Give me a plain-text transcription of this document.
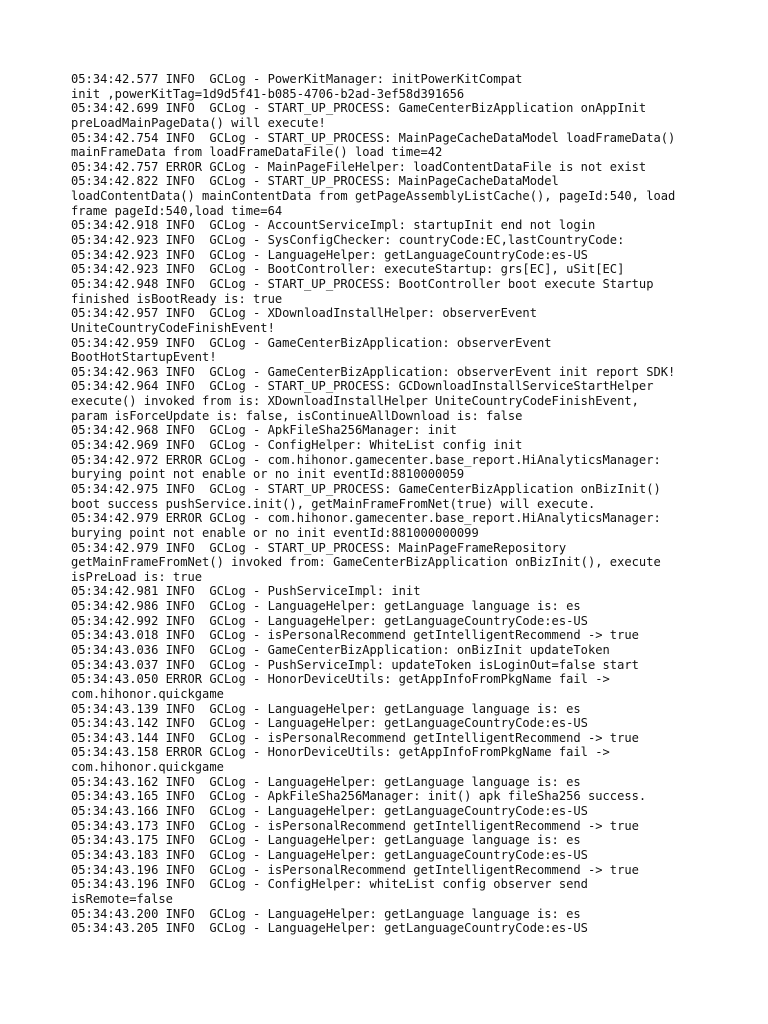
05:34:42.577 INFO  GCLog - PowerKitManager: initPowerKitCompat
init ,powerKitTag=1d9d5f41-b085-4706-b2ad-3ef58d391656
05:34:42.699 INFO  GCLog - START_UP_PROCESS: GameCenterBizApplication onAppInit
preLoadMainPageData() will execute!
05:34:42.754 INFO  GCLog - START_UP_PROCESS: MainPageCacheDataModel loadFrameData()
mainFrameData from loadFrameDataFile() load time=42
05:34:42.757 ERROR GCLog - MainPageFileHelper: loadContentDataFile is not exist
05:34:42.822 INFO  GCLog - START_UP_PROCESS: MainPageCacheDataModel
loadContentData() mainContentData from getPageAssemblyListCache(), pageId:540, load
frame pageId:540,load time=64
05:34:42.918 INFO  GCLog - AccountServiceImpl: startupInit end not login
05:34:42.923 INFO  GCLog - SysConfigChecker: countryCode:EC,lastCountryCode:
05:34:42.923 INFO  GCLog - LanguageHelper: getLanguageCountryCode:es-US
05:34:42.923 INFO  GCLog - BootController: executeStartup: grs[EC], uSit[EC]
05:34:42.948 INFO  GCLog - START_UP_PROCESS: BootController boot execute Startup
finished isBootReady is: true
05:34:42.957 INFO  GCLog - XDownloadInstallHelper: observerEvent
UniteCountryCodeFinishEvent!
05:34:42.959 INFO  GCLog - GameCenterBizApplication: observerEvent
BootHotStartupEvent!
05:34:42.963 INFO  GCLog - GameCenterBizApplication: observerEvent init report SDK!
05:34:42.964 INFO  GCLog - START_UP_PROCESS: GCDownloadInstallServiceStartHelper
execute() invoked from is: XDownloadInstallHelper UniteCountryCodeFinishEvent,
param isForceUpdate is: false, isContinueAllDownload is: false
05:34:42.968 INFO  GCLog - ApkFileSha256Manager: init
05:34:42.969 INFO  GCLog - ConfigHelper: WhiteList config init
05:34:42.972 ERROR GCLog - com.hihonor.gamecenter.base_report.HiAnalyticsManager:
burying point not enable or no init eventId:8810000059
05:34:42.975 INFO  GCLog - START_UP_PROCESS: GameCenterBizApplication onBizInit()
boot success pushService.init(), getMainFrameFromNet(true) will execute.
05:34:42.979 ERROR GCLog - com.hihonor.gamecenter.base_report.HiAnalyticsManager:
burying point not enable or no init eventId:881000000099
05:34:42.979 INFO  GCLog - START_UP_PROCESS: MainPageFrameRepository
getMainFrameFromNet() invoked from: GameCenterBizApplication onBizInit(), execute
isPreLoad is: true
05:34:42.981 INFO  GCLog - PushServiceImpl: init
05:34:42.986 INFO  GCLog - LanguageHelper: getLanguage language is: es
05:34:42.992 INFO  GCLog - LanguageHelper: getLanguageCountryCode:es-US
05:34:43.018 INFO  GCLog - isPersonalRecommend getIntelligentRecommend -> true
05:34:43.036 INFO  GCLog - GameCenterBizApplication: onBizInit updateToken
05:34:43.037 INFO  GCLog - PushServiceImpl: updateToken isLoginOut=false start
05:34:43.050 ERROR GCLog - HonorDeviceUtils: getAppInfoFromPkgName fail ->
com.hihonor.quickgame
05:34:43.139 INFO  GCLog - LanguageHelper: getLanguage language is: es
05:34:43.142 INFO  GCLog - LanguageHelper: getLanguageCountryCode:es-US
05:34:43.144 INFO  GCLog - isPersonalRecommend getIntelligentRecommend -> true
05:34:43.158 ERROR GCLog - HonorDeviceUtils: getAppInfoFromPkgName fail ->
com.hihonor.quickgame
05:34:43.162 INFO  GCLog - LanguageHelper: getLanguage language is: es
05:34:43.165 INFO  GCLog - ApkFileSha256Manager: init() apk fileSha256 success.
05:34:43.166 INFO  GCLog - LanguageHelper: getLanguageCountryCode:es-US
05:34:43.173 INFO  GCLog - isPersonalRecommend getIntelligentRecommend -> true
05:34:43.175 INFO  GCLog - LanguageHelper: getLanguage language is: es
05:34:43.183 INFO  GCLog - LanguageHelper: getLanguageCountryCode:es-US
05:34:43.196 INFO  GCLog - isPersonalRecommend getIntelligentRecommend -> true
05:34:43.196 INFO  GCLog - ConfigHelper: whiteList config observer send
isRemote=false
05:34:43.200 INFO  GCLog - LanguageHelper: getLanguage language is: es
05:34:43.205 INFO  GCLog - LanguageHelper: getLanguageCountryCode:es-US
